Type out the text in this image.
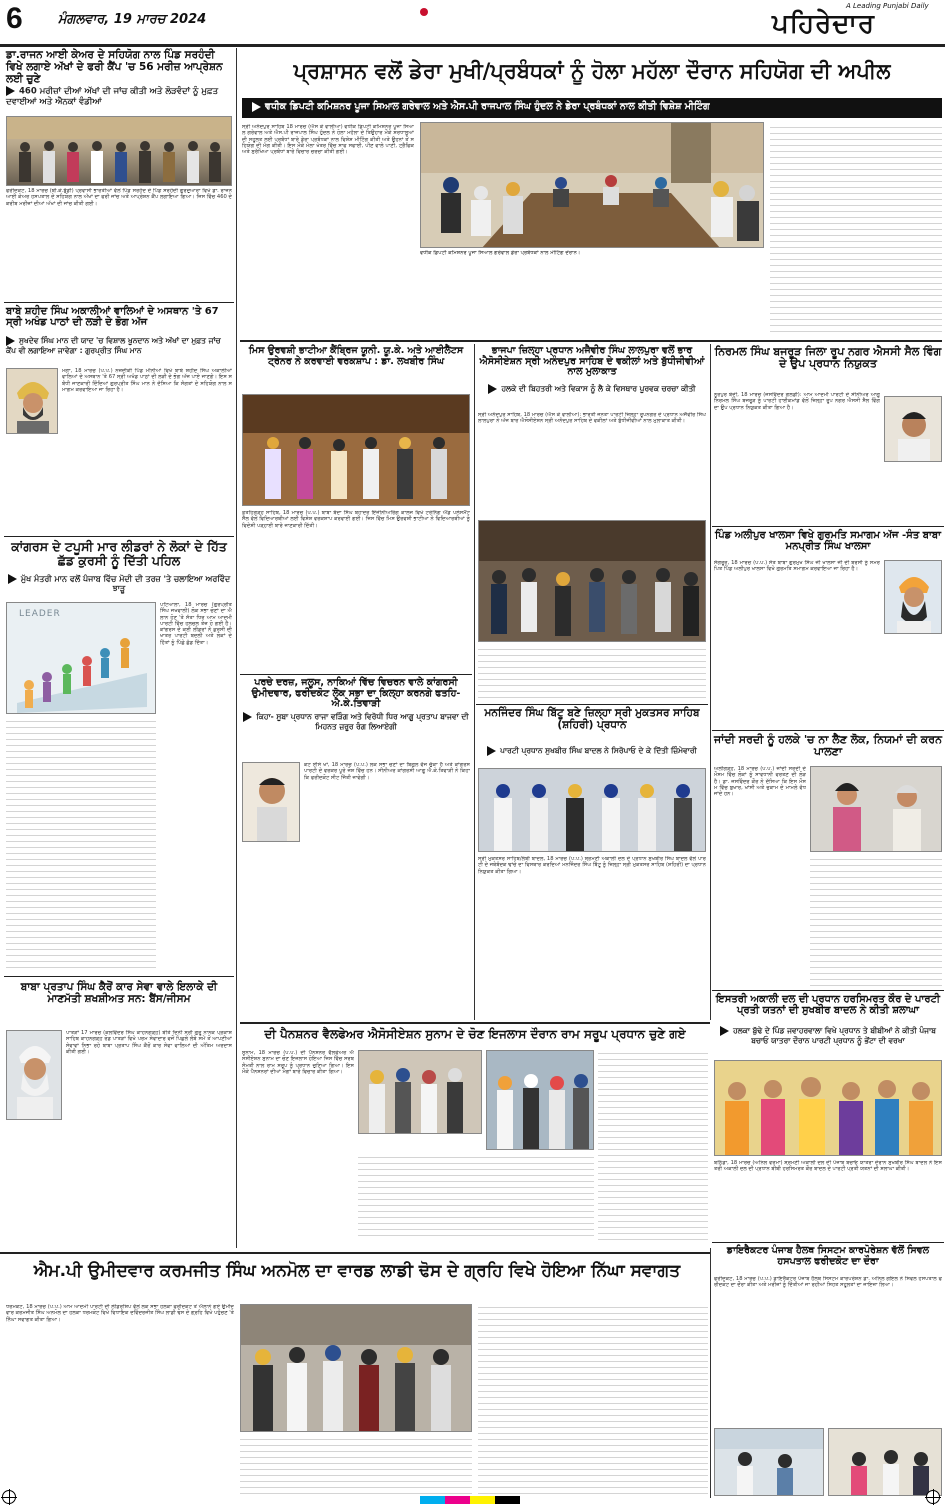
6	ਮੰਗਲਵਾਰ, 19 ਮਾਰਚ 2024
A Leading Punjabi Daily
ਪਹਿਰੇਦਾਰ
ਡਾ.ਰਾਜਨ ਆਈ ਕੇਅਰ ਦੇ ਸਹਿਯੋਗ ਨਾਲ ਪਿੰਡ ਸਰਹੰਦੀ ਵਿਖੇ ਲਗਾਏ ਅੱਖਾਂ ਦੇ ਫਰੀ ਕੈਂਪ 'ਚ 56 ਮਰੀਜ਼ ਆਪ੍ਰੇਸ਼ਨ ਲਈ ਚੁਣੇ
460 ਮਰੀਜ਼ਾਂ ਦੀਆਂ ਅੱਖਾਂ ਦੀ ਜਾਂਚ ਕੀਤੀ ਅਤੇ ਲੋੜਵੰਦਾਂ ਨੂੰ ਮੁਫ਼ਤ ਦਵਾਈਆਂ ਅਤੇ ਐਨਕਾਂ ਵੰਡੀਆਂ
ਫਰੀਦਕੋਟ, 18 ਮਾਰਚ (ਬੀ.ਕੇ.ਬੁੱਡੀ) ਪ੍ਰਵਾਸੀ ਭਾਰਤੀਆਂ ਵੱਲੋਂ ਪਿੰਡ ਸਰਹੰਦ ਦੇ ਪਿੰਡ ਸਰਹੰਦੀ ਗੁਰਦੁਆਰਾ ਵਿਖੇ ਡਾ. ਰਾਜਨ ਆਈ ਕੇਅਰ ਹਸਪਤਾਲ ਦੇ ਸਹਿਯੋਗ ਨਾਲ ਅੱਖਾਂ ਦਾ ਫਰੀ ਜਾਂਚ ਅਤੇ ਆਪ੍ਰੇਸ਼ਨ ਕੈਂਪ ਲਗਾਇਆ ਗਿਆ। ਜਿਸ ਵਿੱਚ 460 ਦੇ ਕਰੀਬ ਮਰੀਜ਼ਾਂ ਦੀਆਂ ਅੱਖਾਂ ਦੀ ਜਾਂਚ ਕੀਤੀ ਗਈ।
ਬਾਬੇ ਸ਼ਹੀਦ ਸਿੰਘ ਅਕਾਲੀਆਂ ਵਾਲਿਆਂ ਦੇ ਅਸਥਾਨ 'ਤੇ 67 ਸ੍ਰੀ ਅਖੰਡ ਪਾਠਾਂ ਦੀ ਲੜੀ ਦੇ ਭੋਗ ਅੱਜ
ਸੁਖਦੇਵ ਸਿੰਘ ਮਾਨ ਦੀ ਯਾਦ 'ਚ ਵਿਸ਼ਾਲ ਖੂਨਦਾਨ ਅਤੇ ਅੱਖਾਂ ਦਾ ਮੁਫ਼ਤ ਜਾਂਚ ਕੈਂਪ ਵੀ ਲਗਾਇਆ ਜਾਵੇਗਾ : ਗੁਰਪ੍ਰੀਤ ਸਿੰਘ ਮਾਨ
ਮੋਗਾ, 18 ਮਾਰਚ (ਪ.ਪ.) ਨਜ਼ਦੀਕੀ ਪਿੰਡ ਮੀਨੀਆਂ ਵਿਖੇ ਬਾਬੇ ਸ਼ਹੀਦ ਸਿੰਘ ਅਕਾਲੀਆਂ ਵਾਲਿਆਂ ਦੇ ਅਸਥਾਨ 'ਤੇ 67 ਸ੍ਰੀ ਅਖੰਡ ਪਾਠਾਂ ਦੀ ਲੜੀ ਦੇ ਭੋਗ ਅੱਜ ਪਾਏ ਜਾਣਗੇ। ਇਸ ਸਬੰਧੀ ਜਾਣਕਾਰੀ ਦਿੰਦਿਆਂ ਗੁਰਪ੍ਰੀਤ ਸਿੰਘ ਮਾਨ ਨੇ ਦੱਸਿਆ ਕਿ ਸੰਗਤਾਂ ਦੇ ਸਹਿਯੋਗ ਨਾਲ ਸਮਾਗਮ ਕਰਵਾਇਆ ਜਾ ਰਿਹਾ ਹੈ।
ਕਾਂਗਰਸ ਦੇ ਟਪੂਸੀ ਮਾਰ ਲੀਡਰਾਂ ਨੇ ਲੋਕਾਂ ਦੇ ਹਿੱਤ ਛੱਡ ਕੁਰਸੀ ਨੂੰ ਦਿੱਤੀ ਪਹਿਲ
ਮੁੱਖ ਮੰਤਰੀ ਮਾਨ ਵਲੋਂ ਪੰਜਾਬ ਵਿੱਚ ਮੋਦੀ ਦੀ ਤਰਜ਼ 'ਤੇ ਚਲਾਇਆ ਅਰਵਿੰਦ ਝਾੜੂ
LEADER
ਪਟਿਆਲਾ, 18 ਮਾਰਚ (ਗੁਰਪ੍ਰੀਤ ਸਿੰਘ ਜਖਵਾਲੀ) ਲੋਕ ਸਭਾ ਚੋਣਾਂ ਦਾ ਐਲਾਨ ਹੋਣ 'ਤੇ ਸੱਤਾ ਧਿਰ ਆਮ ਆਦਮੀ ਪਾਰਟੀ ਵਿੱਚ ਹਲਚਲ ਤੇਜ਼ ਹੋ ਗਈ ਹੈ। ਕਾਂਗਰਸ ਦੇ ਕਈ ਲੀਡਰਾਂ ਨੇ ਕੁਰਸੀ ਦੀ ਖਾਤਰ ਪਾਰਟੀ ਬਦਲੀ ਅਤੇ ਲੋਕਾਂ ਦੇ ਹਿੱਤਾਂ ਨੂੰ ਪਿੱਛੇ ਛੱਡ ਦਿੱਤਾ।
ਬਾਬਾ ਪ੍ਰਤਾਪ ਸਿੰਘ ਕੈਰੋਂ ਕਾਰ ਸੇਵਾ ਵਾਲੇ ਇਲਾਕੇ ਦੀ ਮਾਣਮੱਤੀ ਸ਼ਖਸ਼ੀਅਤ ਸਨ: ਬੈਂਸ/ਜੀਸਮ
ਪਾਤੜਾਂ 17 ਮਾਰਚ (ਕਲਵਿੰਦਰ ਸਿੰਘ ਕਾਹਨਗੜ੍ਹ) ਬੀਤੇ ਦਿਨੀ ਸ੍ਰੀ ਗੁਰੂ ਨਾਨਕ ਪ੍ਰਕਾਸ਼ ਸਾਹਿਬ ਕਾਹਨਗੜ੍ਹ ਰੋਡ ਪਾਤੜਾਂ ਵਿਖੇ ਪਰਮ ਸੇਵਾਦਾਰ ਵਜੋਂ ਪਿਛਲੇ ਲੰਬੇ ਸਮੇਂ ਤੋਂ ਆਪਣੀਆਂ ਸੇਵਾਵਾਂ ਨਿਭਾ ਰਹੇ ਬਾਬਾ ਪ੍ਰਤਾਪ ਸਿੰਘ ਕੈਰੋਂ ਕਾਰ ਸੇਵਾ ਵਾਲਿਆਂ ਦੀ ਅੰਤਿਮ ਅਰਦਾਸ ਕੀਤੀ ਗਈ।
ਪ੍ਰਸ਼ਾਸਨ ਵਲੋਂ ਡੇਰਾ ਮੁਖੀ/ਪ੍ਰਬੰਧਕਾਂ ਨੂੰ ਹੋਲਾ ਮਹੱਲਾ ਦੌਰਾਨ ਸਹਿਯੋਗ ਦੀ ਅਪੀਲ
ਵਧੀਕ ਡਿਪਟੀ ਕਮਿਸ਼ਨਰ ਪੂਜਾ ਸਿਆਲ ਗਰੇਵਾਲ ਅਤੇ ਐਸ.ਪੀ ਰਾਜਪਾਲ ਸਿੰਘ ਹੁੰਦਲ ਨੇ ਡੇਰਾ ਪ੍ਰਬੰਧਕਾਂ ਨਾਲ ਕੀਤੀ ਵਿਸ਼ੇਸ਼ ਮੀਟਿੰਗ
ਸ੍ਰੀ ਅਨੰਦਪੁਰ ਸਾਹਿਬ 18 ਮਾਰਚ (ਐਸ ਕੇ ਵਾਲੀਆ) ਵਧੀਕ ਡਿਪਟੀ ਕਮਿਸ਼ਨਰ ਪੂਜਾ ਸਿਆਲ ਗਰੇਵਾਲ ਅਤੇ ਐਸ.ਪੀ ਰਾਜਪਾਲ ਸਿੰਘ ਹੁੰਦਲ ਨੇ ਹੋਲਾ ਮਹੱਲਾ ਦੇ ਤਿਉਹਾਰ ਮੌਕੇ ਸ਼ਰਧਾਲੂਆਂ ਦੀ ਸਹੂਲਤ ਲਈ ਪ੍ਰਬੰਧਾਂ ਬਾਰੇ ਡੇਰਾ ਪ੍ਰਬੰਧਕਾਂ ਨਾਲ ਵਿਸ਼ੇਸ਼ ਮੀਟਿੰਗ ਕੀਤੀ ਅਤੇ ਉਹਨਾਂ ਤੋਂ ਸਹਿਯੋਗ ਦੀ ਮੰਗ ਕੀਤੀ। ਇਸ ਮੌਕੇ ਮੇਲਾ ਖੇਤਰ ਵਿੱਚ ਸਾਫ ਸਫਾਈ, ਪੀਣ ਵਾਲੇ ਪਾਣੀ, ਟ੍ਰੈਫਿਕ ਅਤੇ ਸੁਰੱਖਿਆ ਪ੍ਰਬੰਧਾਂ ਬਾਰੇ ਵਿਚਾਰ ਚਰਚਾ ਕੀਤੀ ਗਈ।
ਵਧੀਕ ਡਿਪਟੀ ਕਮਿਸ਼ਨਰ ਪੂਜਾ ਸਿਆਲ ਗਰੇਵਾਲ ਡੇਰਾ ਪ੍ਰਬੰਧਕਾਂ ਨਾਲ ਮੀਟਿੰਗ ਦੌਰਾਨ।
ਮਿਸ ਉਰਵਸ਼ੀ ਭਾਟੀਆ ਕੈਂਬ੍ਰਿਜ ਯੂਨੀ. ਯੂ.ਕੇ. ਅਤੇ ਆਈਲੈੱਟਸ ਟ੍ਰੇਨਰ ਨੇ ਕਰਵਾਈ ਵਰਕਸ਼ਾਪ : ਡਾ. ਲਖਬੀਰ ਸਿੰਘ
ਫ਼ਤਹਿਗੜ੍ਹ ਸਾਹਿਬ, 18 ਮਾਰਚ (ਪ.ਪ.) ਬਾਬਾ ਬੰਦਾ ਸਿੰਘ ਬਹਾਦਰ ਇੰਜੀਨੀਅਰਿੰਗ ਕਾਲਜ ਵਿਖੇ ਟਰੇਨਿੰਗ ਐਂਡ ਪਲੇਸਮੈਂਟ ਸੈੱਲ ਵੱਲੋਂ ਵਿਦਿਆਰਥੀਆਂ ਲਈ ਵਿਸ਼ੇਸ਼ ਵਰਕਸ਼ਾਪ ਕਰਵਾਈ ਗਈ। ਜਿਸ ਵਿੱਚ ਮਿਸ ਉਰਵਸ਼ੀ ਭਾਟੀਆ ਨੇ ਵਿਦਿਆਰਥੀਆਂ ਨੂੰ ਵਿਦੇਸ਼ੀ ਪੜ੍ਹਾਈ ਬਾਰੇ ਜਾਣਕਾਰੀ ਦਿੱਤੀ।
ਪਰਚੇ ਦਰਜ਼, ਜਲੂਸ, ਨਾਕਿਆਂ ਵਿੱਚ ਵਿਚਰਨ ਵਾਲੇ ਕਾਂਗਰਸੀ ਉਮੀਦਵਾਰ, ਫਰੀਦਕੋਟ ਲੋਕ ਸਭਾ ਦਾ ਕਿਲ੍ਹਾ ਕਰਨਗੇ ਫਤਹਿ-ਐ.ਕੇ.ਤਿਵਾੜੀ
ਕਿਹਾ- ਸੂਬਾ ਪ੍ਰਧਾਨ ਰਾਜਾ ਵੜਿੰਗ ਅਤੇ ਵਿਰੋਧੀ ਧਿਰ ਆਗੂ ਪ੍ਰਤਾਪ ਬਾਜਵਾ ਦੀ ਮਿਹਨਤ ਜ਼ਰੂਰ ਰੰਗ ਲਿਆਏਗੀ
ਕੋਟ ਈਸੇ ਖਾਂ, 18 ਮਾਰਚ (ਪ.ਪ.) ਲੋਕ ਸਭਾ ਚੋਣਾਂ ਦਾ ਬਿਗੁਲ ਵੱਜ ਚੁੱਕਾ ਹੈ ਅਤੇ ਕਾਂਗਰਸ ਪਾਰਟੀ ਦੇ ਵਰਕਰ ਪੂਰੇ ਜੋਸ਼ ਵਿੱਚ ਹਨ। ਸੀਨੀਅਰ ਕਾਂਗਰਸੀ ਆਗੂ ਐ.ਕੇ.ਤਿਵਾੜੀ ਨੇ ਕਿਹਾ ਕਿ ਫਰੀਦਕੋਟ ਸੀਟ ਜਿੱਤੀ ਜਾਵੇਗੀ।
ਭਾਜਪਾ ਜ਼ਿਲ੍ਹਾ ਪ੍ਰਧਾਨ ਅਜੈਵੀਰ ਸਿੰਘ ਲਾਲਪੁਰਾ ਵਲੋਂ ਭਾਰ ਐਸੋਸੀਏਸ਼ਨ ਸ੍ਰੀ ਅਨੰਦਪੁਰ ਸਾਹਿਬ ਦੇ ਵਕੀਲਾਂ ਅਤੇ ਬੁੱਧੀਜੀਵੀਆਂ ਨਾਲ ਮੁਲਾਕਾਤ
ਹਲਕੇ ਦੀ ਬਿਹਤਰੀ ਅਤੇ ਵਿਕਾਸ ਨੂੰ ਲੈ ਕੇ ਵਿਸਥਾਰ ਪੂਰਵਕ ਚਰਚਾ ਕੀਤੀ
ਸ੍ਰੀ ਅਨੰਦਪੁਰ ਸਾਹਿਬ, 18 ਮਾਰਚ (ਐਸ ਕੇ ਵਾਲੀਆ): ਭਾਰਤੀ ਜਨਤਾ ਪਾਰਟੀ ਜ਼ਿਲ੍ਹਾ ਰੂਪਨਗਰ ਦੇ ਪ੍ਰਧਾਨ ਅਜੈਵੀਰ ਸਿੰਘ ਲਾਲਪੁਰਾ ਨੇ ਅੱਜ ਬਾਰ ਐਸੋਸੀਏਸ਼ਨ ਸ੍ਰੀ ਅਨੰਦਪੁਰ ਸਾਹਿਬ ਦੇ ਵਕੀਲਾਂ ਅਤੇ ਬੁੱਧੀਜੀਵੀਆਂ ਨਾਲ ਮੁਲਾਕਾਤ ਕੀਤੀ।
ਮਨਜਿੰਦਰ ਸਿੰਘ ਬਿੱਟੂ ਬਣੇ ਜ਼ਿਲ੍ਹਾ ਸ੍ਰੀ ਮੁਕਤਸਰ ਸਾਹਿਬ (ਸ਼ਹਿਰੀ) ਪ੍ਰਧਾਨ
ਪਾਰਟੀ ਪ੍ਰਧਾਨ ਸੁਖਬੀਰ ਸਿੰਘ ਬਾਦਲ ਨੇ ਸਿਰੋਪਾਓ ਦੇ ਕੇ ਦਿੱਤੀ ਜ਼ਿੰਮੇਵਾਰੀ
ਸ੍ਰੀ ਮੁਕਤਸਰ ਸਾਹਿਬ/ਲੰਬੀ ਬਾਦਲ, 18 ਮਾਰਚ (ਪ.ਪ.) ਸ਼੍ਰੋਮਣੀ ਅਕਾਲੀ ਦਲ ਦੇ ਪ੍ਰਧਾਨ ਸੁਖਬੀਰ ਸਿੰਘ ਬਾਦਲ ਵੱਲੋਂ ਪਾਰਟੀ ਦੇ ਜਥੇਬੰਦਕ ਢਾਂਚੇ ਦਾ ਵਿਸਥਾਰ ਕਰਦਿਆਂ ਮਨਜਿੰਦਰ ਸਿੰਘ ਬਿੱਟੂ ਨੂੰ ਜ਼ਿਲ੍ਹਾ ਸ੍ਰੀ ਮੁਕਤਸਰ ਸਾਹਿਬ (ਸ਼ਹਿਰੀ) ਦਾ ਪ੍ਰਧਾਨ ਨਿਯੁਕਤ ਕੀਤਾ ਗਿਆ।
ਨਿਰਮਲ ਸਿੰਘ ਬਜਰੂੜ ਜਿਲਾ ਰੂਪ ਨਗਰ ਐਸਸੀ ਸੈਲ ਵਿੰਗ ਦੇ ਉਪ ਪ੍ਰਧਾਨ ਨਿਯੁਕਤ
ਨੂਰਪੁਰ ਬੇਦੀ, 18 ਮਾਰਚ (ਜਸਵਿੰਦਰ ਗੋਲਡੀ): ਆਮ ਆਦਮੀ ਪਾਰਟੀ ਦੇ ਸੀਨੀਅਰ ਆਗੂ ਨਿਰਮਲ ਸਿੰਘ ਬਜਰੂੜ ਨੂੰ ਪਾਰਟੀ ਹਾਈਕਮਾਂਡ ਵੱਲੋਂ ਜ਼ਿਲ੍ਹਾ ਰੂਪ ਨਗਰ ਐਸਸੀ ਸੈਲ ਵਿੰਗ ਦਾ ਉਪ ਪ੍ਰਧਾਨ ਨਿਯੁਕਤ ਕੀਤਾ ਗਿਆ ਹੈ।
ਪਿੰਡ ਅਲੀਪੁਰ ਖਾਲਸਾ ਵਿਖੇ ਗੁਰਮਤਿ ਸਮਾਗਮ ਅੱਜ -ਸੰਤ ਬਾਬਾ ਮਨਪ੍ਰੀਤ ਸਿੰਘ ਖਾਲਸਾ
ਸੰਗਰੂਰ, 18 ਮਾਰਚ (ਪ.ਪ.) ਸੰਤ ਬਾਬਾ ਗੁਰਮੁਖ ਸਿੰਘ ਜੀ ਖਾਲਸਾ ਜੀ ਦੀ ਬਰਸੀ ਨੂੰ ਸਮਰਪਿਤ ਪਿੰਡ ਅਲੀਪੁਰ ਖਾਲਸਾ ਵਿਖੇ ਗੁਰਮਤਿ ਸਮਾਗਮ ਕਰਵਾਇਆ ਜਾ ਰਿਹਾ ਹੈ।
ਜਾਂਦੀ ਸਰਦੀ ਨੂੰ ਹਲਕੇ 'ਚ ਨਾ ਲੈਣ ਲੋਕ, ਨਿਯਮਾਂ ਦੀ ਕਰਨ ਪਾਲਣਾ
ਅਲੀਗੜ੍ਹ, 18 ਮਾਰਚ (ਪ.ਪ.) ਜਾਂਦੀ ਸਰਦੀ ਦੇ ਮੌਸਮ ਵਿੱਚ ਲੋਕਾਂ ਨੂੰ ਸਾਵਧਾਨੀ ਵਰਤਣ ਦੀ ਲੋੜ ਹੈ। ਡਾ. ਜਸਵਿੰਦਰ ਕੌਰ ਨੇ ਦੱਸਿਆ ਕਿ ਇਸ ਮੌਸਮ ਵਿੱਚ ਬੁਖਾਰ, ਖਾਂਸੀ ਅਤੇ ਜ਼ੁਕਾਮ ਦੇ ਮਾਮਲੇ ਵੱਧ ਜਾਂਦੇ ਹਨ।
ਇਸਤਰੀ ਅਕਾਲੀ ਦਲ ਦੀ ਪ੍ਰਧਾਨ ਹਰਸਿਮਰਤ ਕੌਰ ਦੇ ਪਾਰਟੀ ਪ੍ਰਤੀ ਯਤਨਾਂ ਦੀ ਸੁਖਬੀਰ ਬਾਦਲ ਨੇ ਕੀਤੀ ਸ਼ਲਾਘਾ
ਹਲਕਾ ਬੁੱਢੇ ਦੇ ਪਿੰਡ ਜਵਾਹਰਵਾਲਾ ਵਿਖੇ ਪ੍ਰਧਾਨ ਤੇ ਬੀਬੀਆਂ ਨੇ ਕੀਤੀ ਪੰਜਾਬ ਬਚਾਓ ਯਾਤਰਾ ਦੌਰਾਨ ਪਾਰਟੀ ਪ੍ਰਧਾਨ ਨੂੰ ਭੇਂਟਾ ਦੀ ਵਰਖਾ
ਬਠਿੰਡਾ, 18 ਮਾਰਚ (ਅਨਿਲ ਵਰਮਾ) ਸ਼੍ਰੋਮਣੀ ਅਕਾਲੀ ਦਲ ਦੀ ਪੰਜਾਬ ਬਚਾਓ ਯਾਤਰਾ ਦੌਰਾਨ ਸੁਖਬੀਰ ਸਿੰਘ ਬਾਦਲ ਨੇ ਇਸਤਰੀ ਅਕਾਲੀ ਦਲ ਦੀ ਪ੍ਰਧਾਨ ਬੀਬੀ ਹਰਸਿਮਰਤ ਕੌਰ ਬਾਦਲ ਦੇ ਪਾਰਟੀ ਪ੍ਰਤੀ ਯਤਨਾਂ ਦੀ ਸ਼ਲਾਘਾ ਕੀਤੀ।
ਦੀ ਪੈਨਸ਼ਨਰ ਵੈਲਫੇਅਰ ਐਸੋਸੀਏਸ਼ਨ ਸੁਨਾਮ ਦੇ ਚੋਣ ਇਜਲਾਸ ਦੌਰਾਨ ਰਾਮ ਸਰੂਪ ਪ੍ਰਧਾਨ ਚੁਣੇ ਗਏ
ਸੁਨਾਮ, 18 ਮਾਰਚ (ਪ.ਪ.) ਦੀ ਪੈਨਸ਼ਨਰ ਵੈਲਫੇਅਰ ਐਸੋਸੀਏਸ਼ਨ ਸੁਨਾਮ ਦਾ ਚੋਣ ਇਜਲਾਸ ਹੋਇਆ ਜਿਸ ਵਿੱਚ ਸਰਬਸੰਮਤੀ ਨਾਲ ਰਾਮ ਸਰੂਪ ਨੂੰ ਪ੍ਰਧਾਨ ਚੁਣਿਆ ਗਿਆ। ਇਸ ਮੌਕੇ ਪੈਨਸ਼ਨਰਾਂ ਦੀਆਂ ਮੰਗਾਂ ਬਾਰੇ ਵਿਚਾਰ ਕੀਤਾ ਗਿਆ।
ਡਾਇਰੈਕਟਰ ਪੰਜਾਬ ਹੈਲਥ ਸਿਸਟਮ ਕਾਰਪੋਰੇਸ਼ਨ ਵੱਲੋਂ ਸਿਵਲ ਹਸਪਤਾਲ ਫਰੀਦਕੋਟ ਦਾ ਦੌਰਾ
ਫਰੀਦਕੋਟ, 18 ਮਾਰਚ (ਪ.ਪ.) ਡਾਇਰੈਕਟਰ ਪੰਜਾਬ ਹੈਲਥ ਸਿਸਟਮ ਕਾਰਪੋਰੇਸ਼ਨ ਡਾ. ਅਨਿਲ ਗੋਇਲ ਨੇ ਸਿਵਲ ਹਸਪਤਾਲ ਫਰੀਦਕੋਟ ਦਾ ਦੌਰਾ ਕੀਤਾ ਅਤੇ ਮਰੀਜ਼ਾਂ ਨੂੰ ਦਿੱਤੀਆਂ ਜਾ ਰਹੀਆਂ ਸਿਹਤ ਸਹੂਲਤਾਂ ਦਾ ਜਾਇਜ਼ਾ ਲਿਆ।
ਐਮ.ਪੀ ਉਮੀਦਵਾਰ ਕਰਮਜੀਤ ਸਿੰਘ ਅਨਮੋਲ ਦਾ ਵਾਰਡ ਲਾਡੀ ਢੋਸ ਦੇ ਗ੍ਰਹਿ ਵਿਖੇ ਹੋਇਆ ਨਿੱਘਾ ਸਵਾਗਤ
ਧਰਮਕੋਟ, 18 ਮਾਰਚ (ਪ.ਪ.) ਆਮ ਆਦਮੀ ਪਾਰਟੀ ਦੀ ਲੀਡਰਸ਼ਿਪ ਵੱਲੋਂ ਲੋਕ ਸਭਾ ਹਲਕਾ ਫਰੀਦਕੋਟ ਤੋਂ ਐਲਾਨੇ ਗਏ ਉਮੀਦਵਾਰ ਕਰਮਜੀਤ ਸਿੰਘ ਅਨਮੋਲ ਦਾ ਹਲਕਾ ਧਰਮਕੋਟ ਵਿਖੇ ਵਿਧਾਇਕ ਦਵਿੰਦਰਜੀਤ ਸਿੰਘ ਲਾਡੀ ਢੋਸ ਦੇ ਗ੍ਰਹਿ ਵਿਖੇ ਪਹੁੰਚਣ 'ਤੇ ਨਿੱਘਾ ਸਵਾਗਤ ਕੀਤਾ ਗਿਆ।
